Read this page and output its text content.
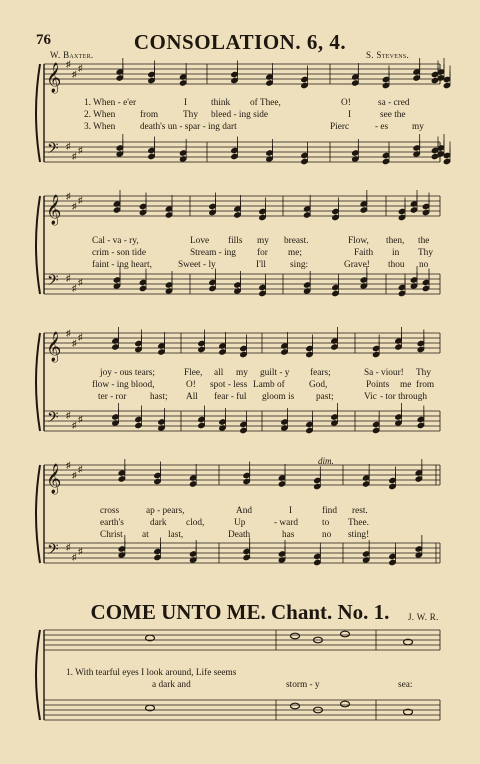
76	CONSOLATION. 6, 4.
W. Baxter.	S. Stevens.
𝄞
𝄢
♯
♯
♯
♯
♯
♯
𝄞
𝄢
♯
♯
♯
♯
♯
♯
𝄞
𝄢
♯
♯
♯
♯
♯
♯
𝄞
𝄢
♯
♯
♯
♯
♯
♯
1. When - e'er	I	think of Thee,	O!	sa - cred
2. When	from	Thy bleed - ing side	I	see the
3. When	death's un - spar - ing dart	Pierc	- es	my
Cal - va - ry,	Love fills my breast.	Flow, then, the
crim - son tide	Stream - ing for me;	Faith in Thy
faint - ing heart,	Sweet - ly	I'll	sing:	Grave! thou no
joy - ous tears;	Flee, all my guilt - y fears;	Sa - viour! Thy
flow - ing blood,	O! spot - less Lamb of	God,	Points me from
ter - ror	hast; All fear - ful gloom is past;	Vic - tor through
dim.
cross	ap - pears,	And	I	find rest.
earth's	dark clod,	Up	- ward	to Thee.
Christ at last,	Death	has	no sting!
COME UNTO ME. Chant. No. 1.	J. W. R.
1. With tearful eyes I look around, Life seems
a dark and	storm - y	sea:
